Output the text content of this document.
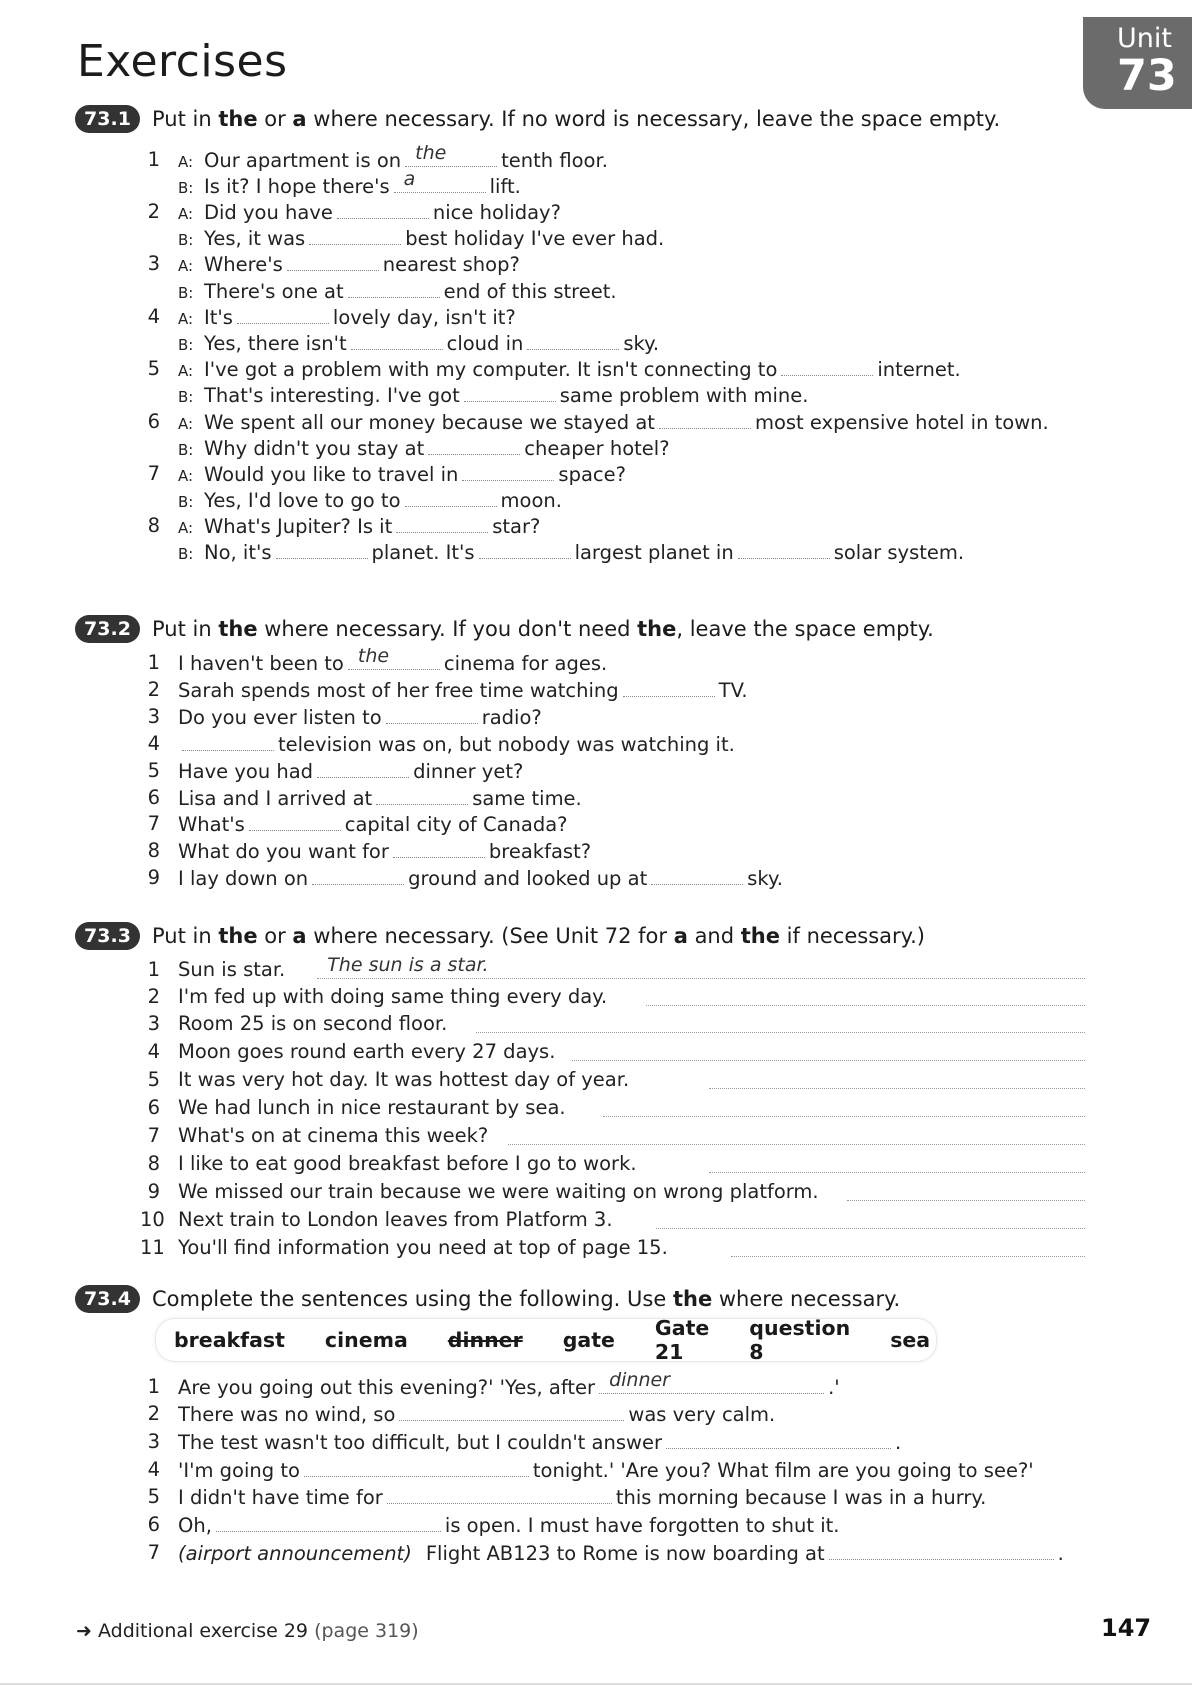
Exercises	Unit
73
73.1	Put in the or a where necessary. If no word is necessary, leave the space empty.
1 A: Our apartment is on the	tenth floor.
B: Is it? I hope there's a	lift.
2 A: Did you have	nice holiday?
B: Yes, it was	best holiday I've ever had.
3 A: Where's	nearest shop?
B: There's one at	end of this street.
4 A: It's	lovely day, isn't it?
B: Yes, there isn't	cloud in	sky.
5 A: I've got a problem with my computer. It isn't connecting to	internet.
B: That's interesting. I've got	same problem with mine.
6 A: We spent all our money because we stayed at	most expensive hotel in town.
B: Why didn't you stay at	cheaper hotel?
7 A: Would you like to travel in	space?
B: Yes, I'd love to go to	moon.
8 A: What's Jupiter? Is it	star?
B: No, it's	planet. It's	largest planet in	solar system.
73.2	Put in the where necessary. If you don't need the, leave the space empty.
1 I haven't been to the	cinema for ages.
2 Sarah spends most of her free time watching	TV.
3 Do you ever listen to	radio?
4	television was on, but nobody was watching it.
5 Have you had	dinner yet?
6 Lisa and I arrived at	same time.
7 What's	capital city of Canada?
8 What do you want for	breakfast?
9 I lay down on	ground and looked up at	sky.
73.3	Put in the or a where necessary. (See Unit 72 for a and the if necessary.)
1 Sun is star. The sun is a star.
2 I'm fed up with doing same thing every day.
3 Room 25 is on second floor.
4 Moon goes round earth every 27 days.
5 It was very hot day. It was hottest day of year.
6 We had lunch in nice restaurant by sea.
7 What's on at cinema this week?
8 I like to eat good breakfast before I go to work.
9 We missed our train because we were waiting on wrong platform.
10 Next train to London leaves from Platform 3.
11 You'll find information you need at top of page 15.
73.4	Complete the sentences using the following. Use the where necessary.
breakfast cinema dinner gate Gate 21
question 8	sea
1 Are you going out this evening?' 'Yes, after dinner	.'
2 There was no wind, so	was very calm.
3 The test wasn't too difficult, but I couldn't answer	.
4 'I'm going to	tonight.' 'Are you? What film are you going to see?'
5 I didn't have time for	this morning because I was in a hurry.
6 Oh,	is open. I must have forgotten to shut it.
7 (airport announcement) Flight AB123 to Rome is now boarding at	.
➜ Additional exercise 29 (page 319)	147
